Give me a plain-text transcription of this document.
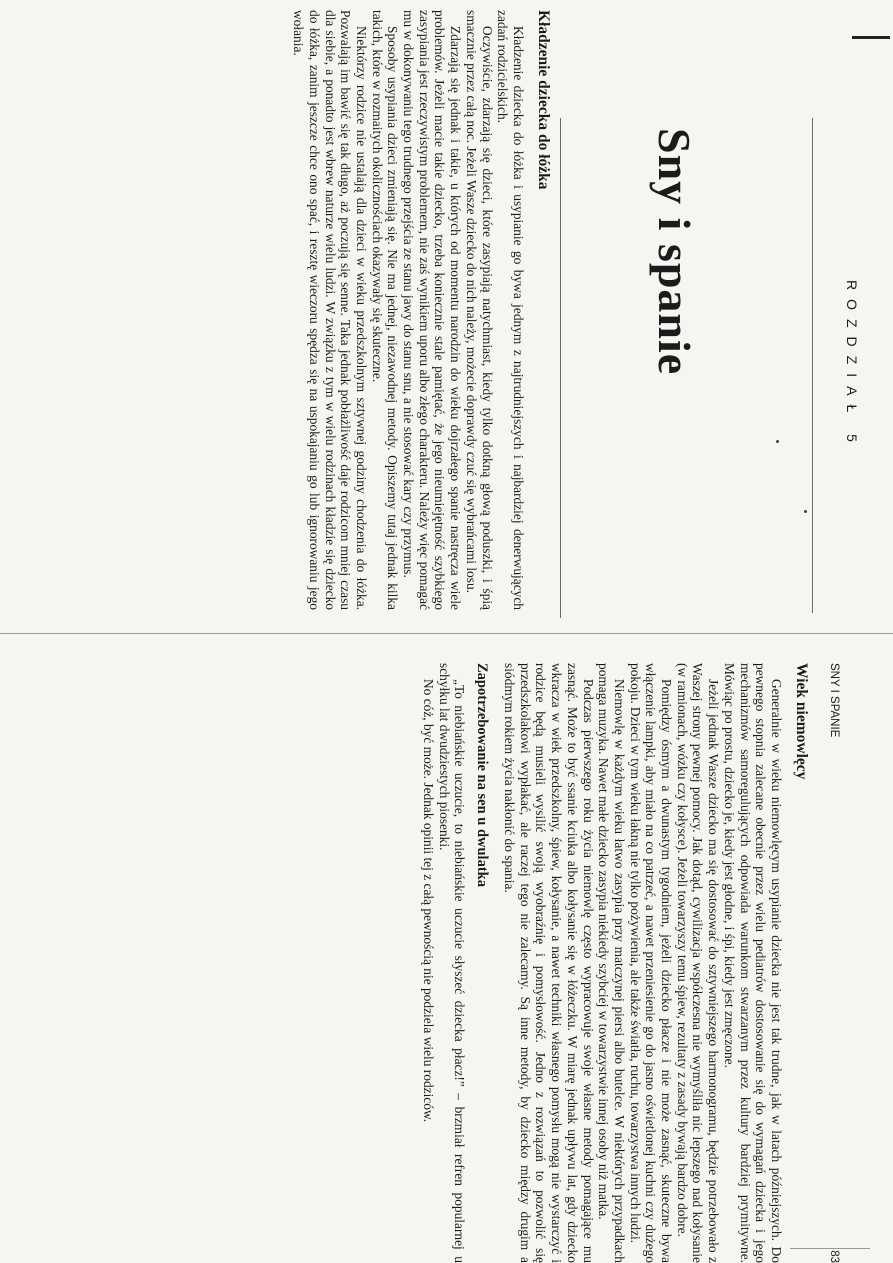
ROZDZIAŁ 5
Sny i spanie
Kładzenie dziecka do łóżka

Kładzenie dziecka do łóżka i usypianie go bywa jednym z najtrudniejszych i najbardziej denerwujących zadań rodzicielskich.

Oczywiście, zdarzają się dzieci, które zasypiają natychmiast, kiedy tylko dotkną głową poduszki, i śpią smacznie przez całą noc. Jeżeli Wasze dziecko do nich należy, możecie doprawdy czuć się wybrańcami losu.

Zdarzają się jednak i takie, u których od momentu narodzin do wieku dojrzałego spanie nastręcza wiele problemów. Jeżeli macie takie dziecko, trzeba koniecznie stale pamiętać, że jego nieumiejętność szybkiego zasypiania jest rzeczywistym problemem, nie zaś wynikiem uporu albo złego charakteru. Należy więc pomagać mu w dokonywaniu tego trudnego przejścia ze stanu jawy do stanu snu, a nie stosować kary czy przymus.

Sposoby usypiania dzieci zmieniają się. Nie ma jednej, niezawodnej metody. Opiszemy tutaj jednak kilka takich, które w rozmaitych okolicznościach okazywały się skuteczne.

Niektórzy rodzice nie ustalają dla dzieci w wieku przedszkolnym sztywnej godziny chodzenia do łóżka. Pozwalają im bawić się tak długo, aż poczują się senne. Taka jednak pobłażliwość daje rodzicom mniej czasu dla siebie, a ponadto jest wbrew naturze wielu ludzi. W związku z tym w wielu rodzinach kładzie się dziecko do łóżka, zanim jeszcze chce ono spać, i resztę wieczoru spędza się na uspokajaniu go lub ignorowaniu jego wołania.

SNY I SPANIE
83
Wiek niemowlęcy

Generalnie w wieku niemowlęcym usypianie dziecka nie jest tak trudne, jak w latach późniejszych. Do pewnego stopnia zalecane obecnie przez wielu pediatrów dostosowanie się do wymagań dziecka i jego mechanizmów samoregulujących odpowiada warunkom stwarzanym przez kultury bardziej prymitywne. Mówiąc po prostu, dziecko je, kiedy jest głodne, i śpi, kiedy jest zmęczone.

Jeżeli jednak Wasze dziecko ma się dostosować do sztywniejszego harmonogramu, będzie potrzebowało z Waszej strony pewnej pomocy. Jak dotąd, cywilizacja współczesna nie wymyśliła nic lepszego nad kołysanie (w ramionach, wózku czy kołysce). Jeżeli towarzyszy temu śpiew, rezultaty z zasady bywają bardzo dobre.

Pomiędzy ósmym a dwunastym tygodniem, jeżeli dziecko płacze i nie może zasnąć, skuteczne bywa włączenie lampki, aby miało na co patrzeć, a nawet przeniesienie go do jasno oświetlonej kuchni czy dużego pokoju. Dzieci w tym wieku łakną nie tylko pożywienia, ale także światła, ruchu, towarzystwa innych ludzi.

Niemowlę w każdym wieku łatwo zasypia przy matczynej piersi albo butelce. W niektórych przypadkach pomaga muzyka. Nawet małe dziecko zasypia niekiedy szybciej w towarzystwie innej osoby niż matka.

Podczas pierwszego roku życia niemowlę często wypracowuje swoje własne metody pomagające mu zasnąć. Może to być ssanie kciuka albo kołysanie się w łóżeczku. W miarę jednak upływu lat, gdy dziecko wkracza w wiek przedszkolny, śpiew, kołysanie, a nawet techniki własnego pomysłu mogą nie wystarczyć i rodzice będą musieli wysilić swoją wyobraźnię i pomysłowość. Jedno z rozwiązań to pozwolić się przedszkolakowi wypłakać, ale raczej tego nie zalecamy. Są inne metody, by dziecko między drugim a siódmym rokiem życia nakłonić do spania.

Zapotrzebowanie na sen u dwulatka

„To niebiańskie uczucie, to niebiańskie uczucie słyszeć dziecka płacz!” – brzmiał refren popularnej u schyłku lat dwudziestych piosenki.

No cóż, być może. Jednak opinii tej z całą pewnością nie podziela wielu rodziców.
